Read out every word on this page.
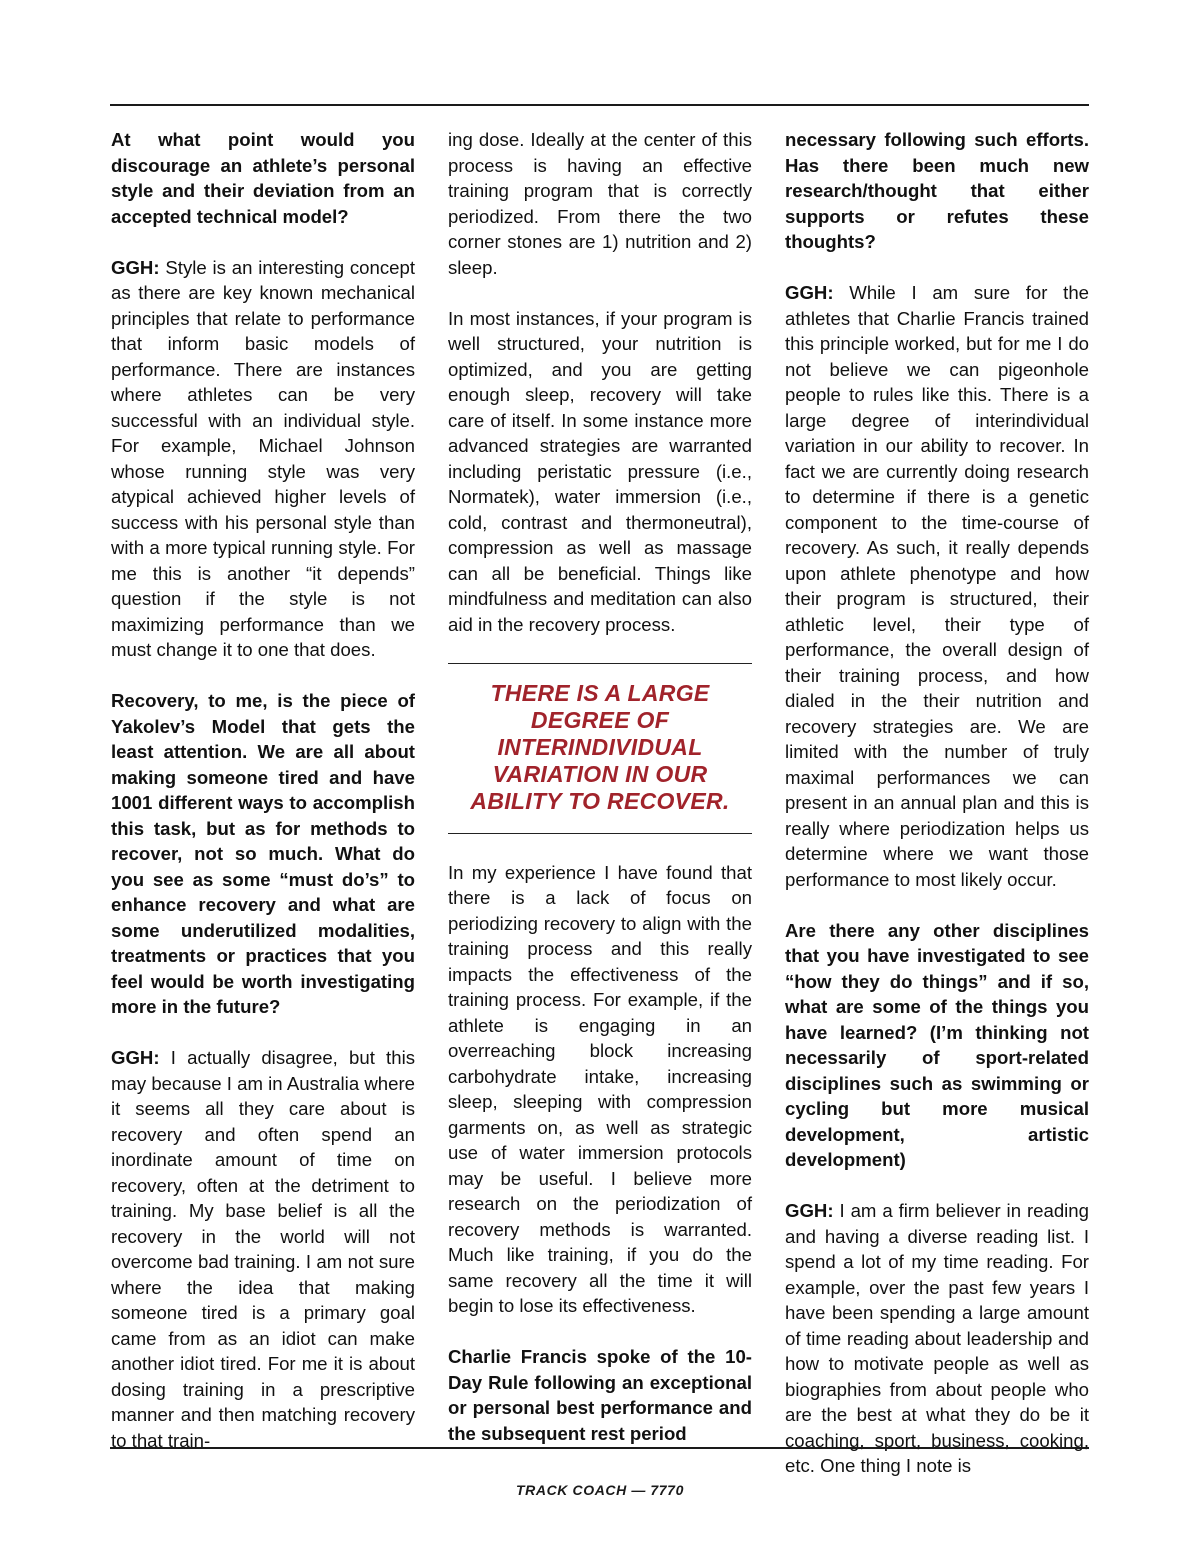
At what point would you discourage an athlete’s personal style and their deviation from an accepted technical model?

GGH: Style is an interesting concept as there are key known mechanical principles that relate to performance that inform basic models of performance. There are instances where athletes can be very successful with an individual style. For example, Michael Johnson whose running style was very atypical achieved higher levels of success with his personal style than with a more typical running style. For me this is another “it depends” question if the style is not maximizing performance than we must change it to one that does.

Recovery, to me, is the piece of Yakolev’s Model that gets the least attention. We are all about making someone tired and have 1001 different ways to accomplish this task, but as for methods to recover, not so much. What do you see as some “must do’s” to enhance recovery and what are some underutilized modalities, treatments or practices that you feel would be worth investigating more in the future?

GGH: I actually disagree, but this may because I am in Australia where it seems all they care about is recovery and often spend an inordinate amount of time on recovery, often at the detriment to training. My base belief is all the recovery in the world will not overcome bad training. I am not sure where the idea that making someone tired is a primary goal came from as an idiot can make another idiot tired. For me it is about dosing training in a prescriptive manner and then matching recovery to that train-

ing dose. Ideally at the center of this process is having an effective training program that is correctly periodized. From there the two corner stones are 1) nutrition and 2) sleep.

In most instances, if your program is well structured, your nutrition is optimized, and you are getting enough sleep, recovery will take care of itself. In some instance more advanced strategies are warranted including peristatic pressure (i.e., Normatek), water immersion (i.e., cold, contrast and thermoneutral), compression as well as massage can all be beneficial. Things like mindfulness and meditation can also aid in the recovery process.

THERE IS A LARGE DEGREE OF INTERINDIVIDUAL VARIATION IN OUR ABILITY TO RECOVER.

In my experience I have found that there is a lack of focus on periodizing recovery to align with the training process and this really impacts the effectiveness of the training process. For example, if the athlete is engaging in an overreaching block increasing carbohydrate intake, increasing sleep, sleeping with compression garments on, as well as strategic use of water immersion protocols may be useful. I believe more research on the periodization of recovery methods is warranted. Much like training, if you do the same recovery all the time it will begin to lose its effectiveness.

Charlie Francis spoke of the 10-Day Rule following an exceptional or personal best performance and the subsequent rest period

necessary following such efforts. Has there been much new research/thought that either supports or refutes these thoughts?

GGH: While I am sure for the athletes that Charlie Francis trained this principle worked, but for me I do not believe we can pigeonhole people to rules like this. There is a large degree of interindividual variation in our ability to recover. In fact we are currently doing research to determine if there is a genetic component to the time-course of recovery. As such, it really depends upon athlete phenotype and how their program is structured, their athletic level, their type of performance, the overall design of their training process, and how dialed in the their nutrition and recovery strategies are. We are limited with the number of truly maximal performances we can present in an annual plan and this is really where periodization helps us determine where we want those performance to most likely occur.

Are there any other disciplines that you have investigated to see “how they do things” and if so, what are some of the things you have learned? (I’m thinking not necessarily of sport-related disciplines such as swimming or cycling but more musical development, artistic development)

GGH: I am a firm believer in reading and having a diverse reading list. I spend a lot of my time reading. For example, over the past few years I have been spending a large amount of time reading about leadership and how to motivate people as well as biographies from about people who are the best at what they do be it coaching, sport, business, cooking, etc. One thing I note is

TRACK COACH — 7770
